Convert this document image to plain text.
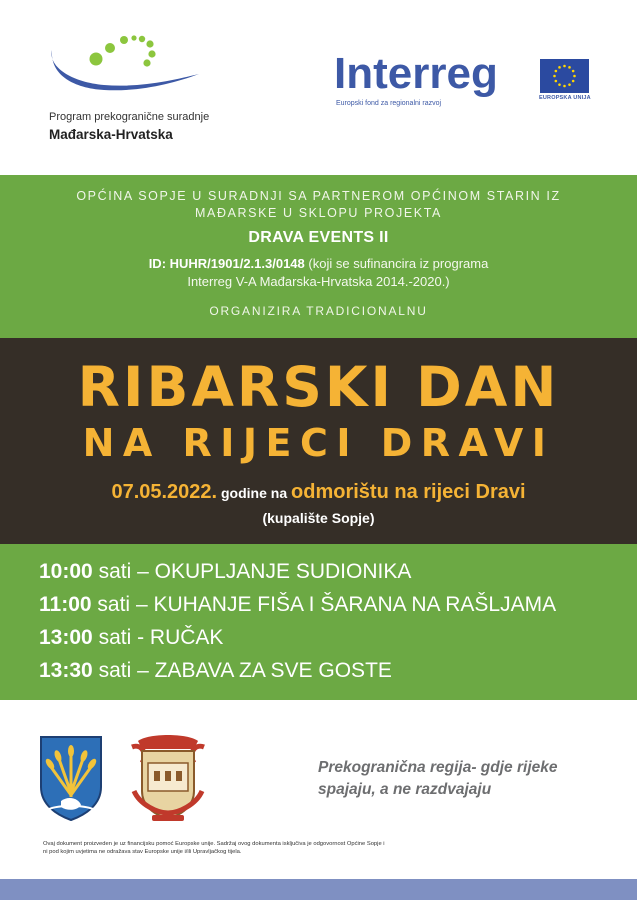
Program prekogranične suradnje
Mađarska-Hrvatska
Interreg
Europski fond za regionalni razvoj
EUROPSKA UNIJA
OPĆINA SOPJE U SURADNJI SA PARTNEROM OPĆINOM STARIN IZ
MAĐARSKE U SKLOPU PROJEKTA
DRAVA EVENTS II
ID: HUHR/1901/2.1.3/0148 (koji se sufinancira iz programa
Interreg V-A Mađarska-Hrvatska 2014.-2020.)
ORGANIZIRA TRADICIONALNU
RIBARSKI DAN
NA RIJECI DRAVI
07.05.2022. godine na odmorištu na rijeci Dravi
(kupalište Sopje)
10:00 sati – OKUPLJANJE SUDIONIKA
11:00 sati – KUHANJE FIŠA I ŠARANA NA RAŠLJAMA
13:00 sati - RUČAK
13:30 sati – ZABAVA ZA SVE GOSTE
Prekogranična regija- gdje rijeke
spajaju, a ne razdvajaju
Ovaj dokument proizveden je uz financijsku pomoć Europske unije. Sadržaj ovog dokumenta isključiva je odgovornost Općine Sopje i
ni pod kojim uvjetima ne odražava stav Europske unije i/ili Upravljačkog tijela.
